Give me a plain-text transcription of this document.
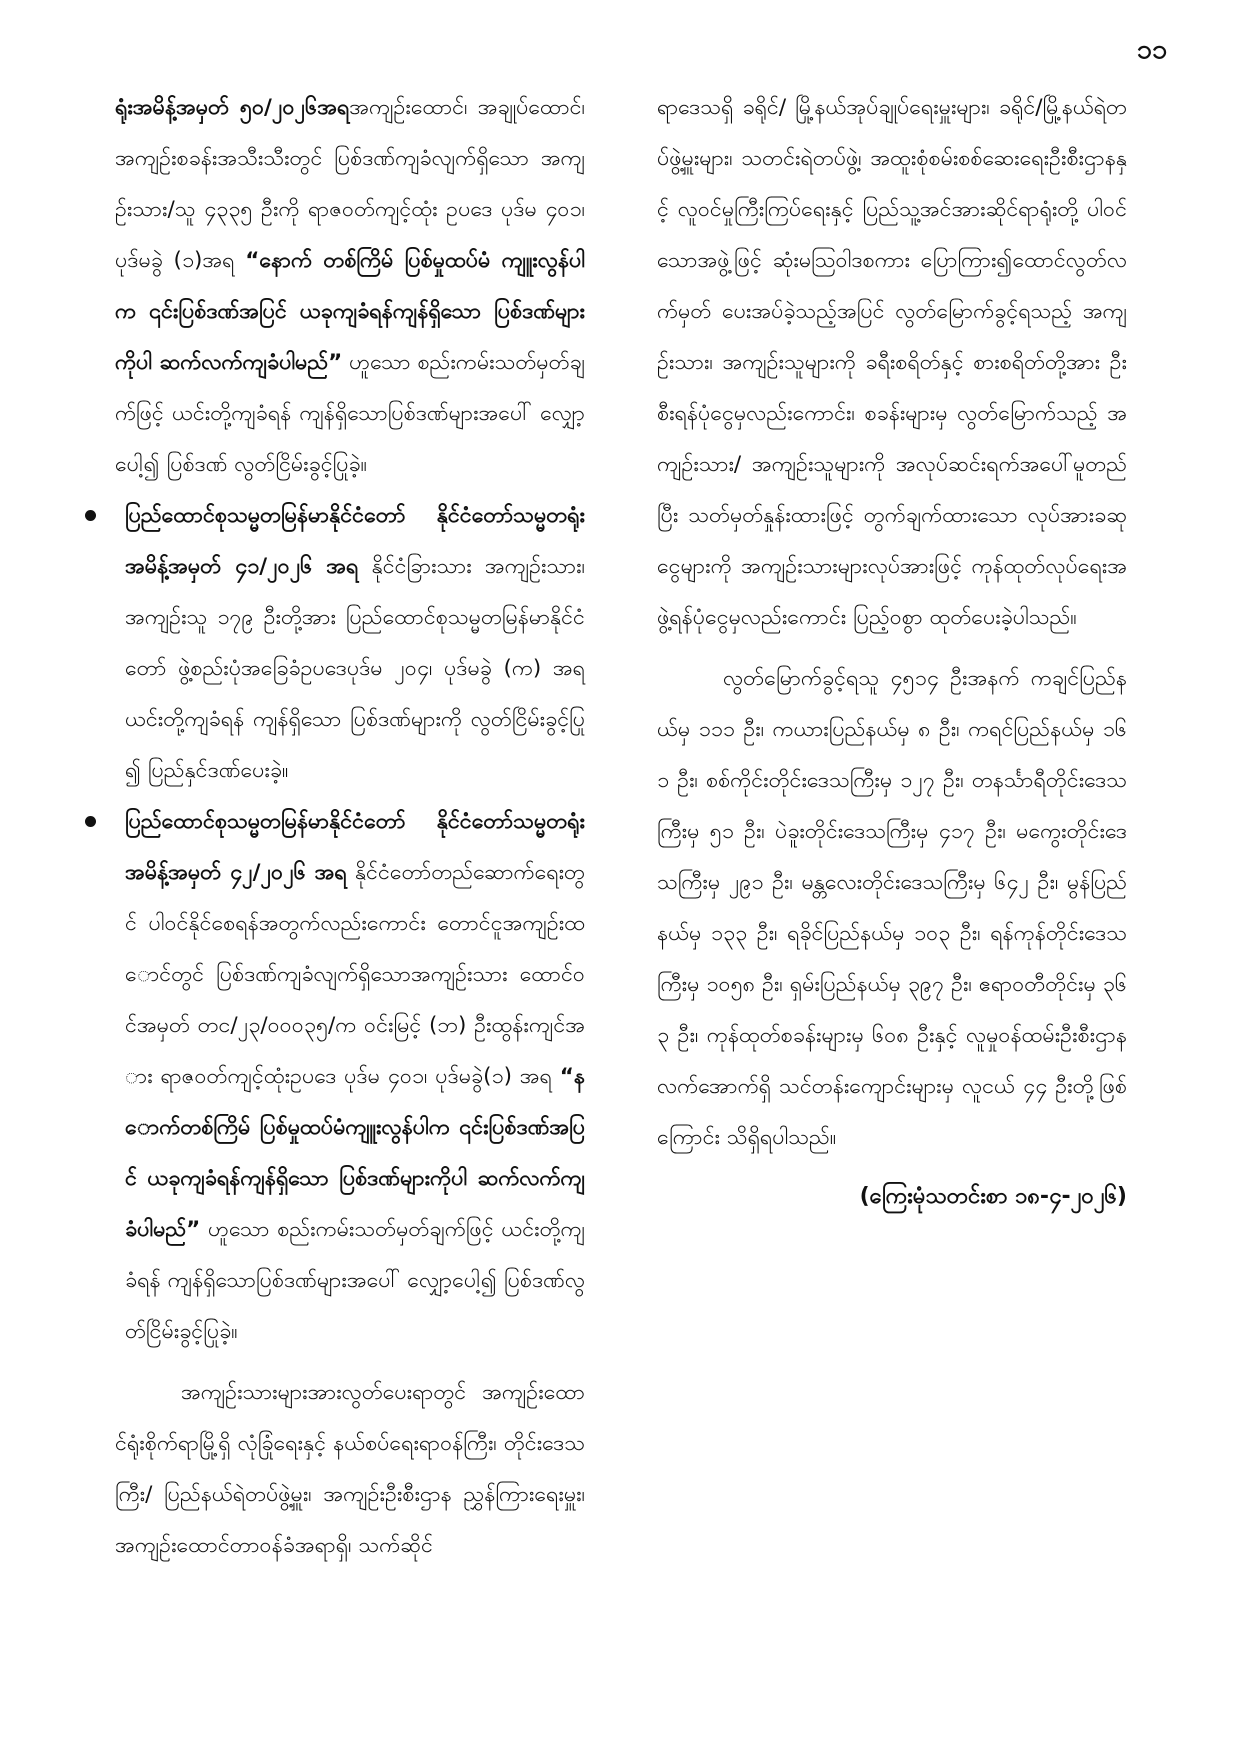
၁၁

ရုံးအမိန့်အမှတ် ၅၀/၂၀၂၆အရအကျဉ်းထောင်၊ အချုပ်ထောင်၊ အကျဉ်းစခန်းအသီးသီးတွင် ပြစ်ဒဏ်ကျခံလျက်ရှိသော အကျဉ်းသား/သူ ၄၃၃၅ ဦးကို ရာဇဝတ်ကျင့်ထုံး ဥပဒေ ပုဒ်မ ၄၀၁၊ ပုဒ်မခွဲ (၁)အရ “နောက် တစ်ကြိမ် ပြစ်မှုထပ်မံ ကျူးလွန်ပါက ၎င်းပြစ်ဒဏ်အပြင် ယခုကျခံရန်ကျန်ရှိသော ပြစ်ဒဏ်များကိုပါ ဆက်လက်ကျခံပါမည်” ဟူသော စည်းကမ်းသတ်မှတ်ချက်ဖြင့် ယင်းတို့ကျခံရန် ကျန်ရှိသောပြစ်ဒဏ်များအပေါ် လျှော့ပေါ့၍ ပြစ်ဒဏ် လွတ်ငြိမ်းခွင့်ပြုခဲ့။

ပြည်ထောင်စုသမ္မတမြန်မာနိုင်ငံတော် နိုင်ငံတော်သမ္မတရုံး အမိန့်အမှတ် ၄၁/၂၀၂၆ အရ နိုင်ငံခြားသား အကျဉ်းသား၊ အကျဉ်းသူ ၁၇၉ ဦးတို့အား ပြည်ထောင်စုသမ္မတမြန်မာနိုင်ငံတော် ဖွဲ့စည်းပုံအခြေခံဥပဒေပုဒ်မ ၂၀၄၊ ပုဒ်မခွဲ (က) အရ ယင်းတို့ကျခံရန် ကျန်ရှိသော ပြစ်ဒဏ်များကို လွတ်ငြိမ်းခွင့်ပြု၍ ပြည်နှင်ဒဏ်ပေးခဲ့။

ပြည်ထောင်စုသမ္မတမြန်မာနိုင်ငံတော် နိုင်ငံတော်သမ္မတရုံး အမိန့်အမှတ် ၄၂/၂၀၂၆ အရ နိုင်ငံတော်တည်ဆောက်ရေးတွင် ပါဝင်နိုင်စေရန်အတွက်လည်းကောင်း တောင်ငူအကျဉ်းထောင်တွင် ပြစ်ဒဏ်ကျခံလျက်ရှိသောအကျဉ်းသား ထောင်ဝင်အမှတ် တင/၂၃/၀၀၀၃၅/က ဝင်းမြင့် (ဘ) ဦးထွန်းကျင်အား ရာဇဝတ်ကျင့်ထုံးဥပဒေ ပုဒ်မ ၄၀၁၊ ပုဒ်မခွဲ(၁) အရ “နောက်တစ်ကြိမ် ပြစ်မှုထပ်မံကျူးလွန်ပါက ၎င်းပြစ်ဒဏ်အပြင် ယခုကျခံရန်ကျန်ရှိသော ပြစ်ဒဏ်များကိုပါ ဆက်လက်ကျခံပါမည်” ဟူသော စည်းကမ်းသတ်မှတ်ချက်ဖြင့် ယင်းတို့ကျခံရန် ကျန်ရှိသောပြစ်ဒဏ်များအပေါ် လျှော့ပေါ့၍ ပြစ်ဒဏ်လွတ်ငြိမ်းခွင့်ပြုခဲ့။

အကျဉ်းသားများအားလွတ်ပေးရာတွင် အကျဉ်းထောင်ရုံးစိုက်ရာမြို့ရှိ လုံခြုံရေးနှင့် နယ်စပ်ရေးရာဝန်ကြီး၊ တိုင်းဒေသကြီး/ ပြည်နယ်ရဲတပ်ဖွဲ့မှူး၊ အကျဉ်းဦးစီးဌာန ညွှန်ကြားရေးမှူး၊ အကျဉ်းထောင်တာဝန်ခံအရာရှိ၊ သက်ဆိုင်

ရာဒေသရှိ ခရိုင်/ မြို့နယ်အုပ်ချုပ်ရေးမှူးများ၊ ခရိုင်/မြို့နယ်ရဲတပ်ဖွဲ့မှူးများ၊ သတင်းရဲတပ်ဖွဲ့၊ အထူးစုံစမ်းစစ်ဆေးရေးဦးစီးဌာနနှင့် လူဝင်မှုကြီးကြပ်ရေးနှင့် ပြည်သူ့အင်အားဆိုင်ရာရုံးတို့ ပါဝင်သောအဖွဲ့ဖြင့် ဆုံးမသြဝါဒစကား ပြောကြား၍ထောင်လွတ်လက်မှတ် ပေးအပ်ခဲ့သည့်အပြင် လွတ်မြောက်ခွင့်ရသည့် အကျဉ်းသား၊ အကျဉ်းသူများကို ခရီးစရိတ်နှင့် စားစရိတ်တို့အား ဦးစီးရန်ပုံငွေမှလည်းကောင်း၊ စခန်းများမှ လွတ်မြောက်သည့် အကျဉ်းသား/ အကျဉ်းသူများကို အလုပ်ဆင်းရက်အပေါ်မူတည်ပြီး သတ်မှတ်နှုန်းထားဖြင့် တွက်ချက်ထားသော လုပ်အားခဆုငွေများကို အကျဉ်းသားများလုပ်အားဖြင့် ကုန်ထုတ်လုပ်ရေးအဖွဲ့ရန်ပုံငွေမှလည်းကောင်း ပြည့်ဝစွာ ထုတ်ပေးခဲ့ပါသည်။

လွတ်မြောက်ခွင့်ရသူ ၄၅၁၄ ဦးအနက် ကချင်ပြည်နယ်မှ ၁၁၁ ဦး၊ ကယားပြည်နယ်မှ ၈ ဦး၊ ကရင်ပြည်နယ်မှ ၁၆၁ ဦး၊ စစ်ကိုင်းတိုင်းဒေသကြီးမှ ၁၂၇ ဦး၊ တနင်္သာရီတိုင်းဒေသကြီးမှ ၅၁ ဦး၊ ပဲခူးတိုင်းဒေသကြီးမှ ၄၁၇ ဦး၊ မကွေးတိုင်းဒေသကြီးမှ ၂၉၁ ဦး၊ မန္တလေးတိုင်းဒေသကြီးမှ ၆၄၂ ဦး၊ မွန်ပြည်နယ်မှ ၁၃၃ ဦး၊ ရခိုင်ပြည်နယ်မှ ၁၀၃ ဦး၊ ရန်ကုန်တိုင်းဒေသကြီးမှ ၁၀၅၈ ဦး၊ ရှမ်းပြည်နယ်မှ ၃၉၇ ဦး၊ ဧရာဝတီတိုင်းမှ ၃၆၃ ဦး၊ ကုန်ထုတ်စခန်းများမှ ၆၀၈ ဦးနှင့် လူမှုဝန်ထမ်းဦးစီးဌာနလက်အောက်ရှိ သင်တန်းကျောင်းများမှ လူငယ် ၄၄ ဦးတို့ဖြစ်ကြောင်း သိရှိရပါသည်။

(ကြေးမုံသတင်းစာ ၁၈-၄-၂၀၂၆)
